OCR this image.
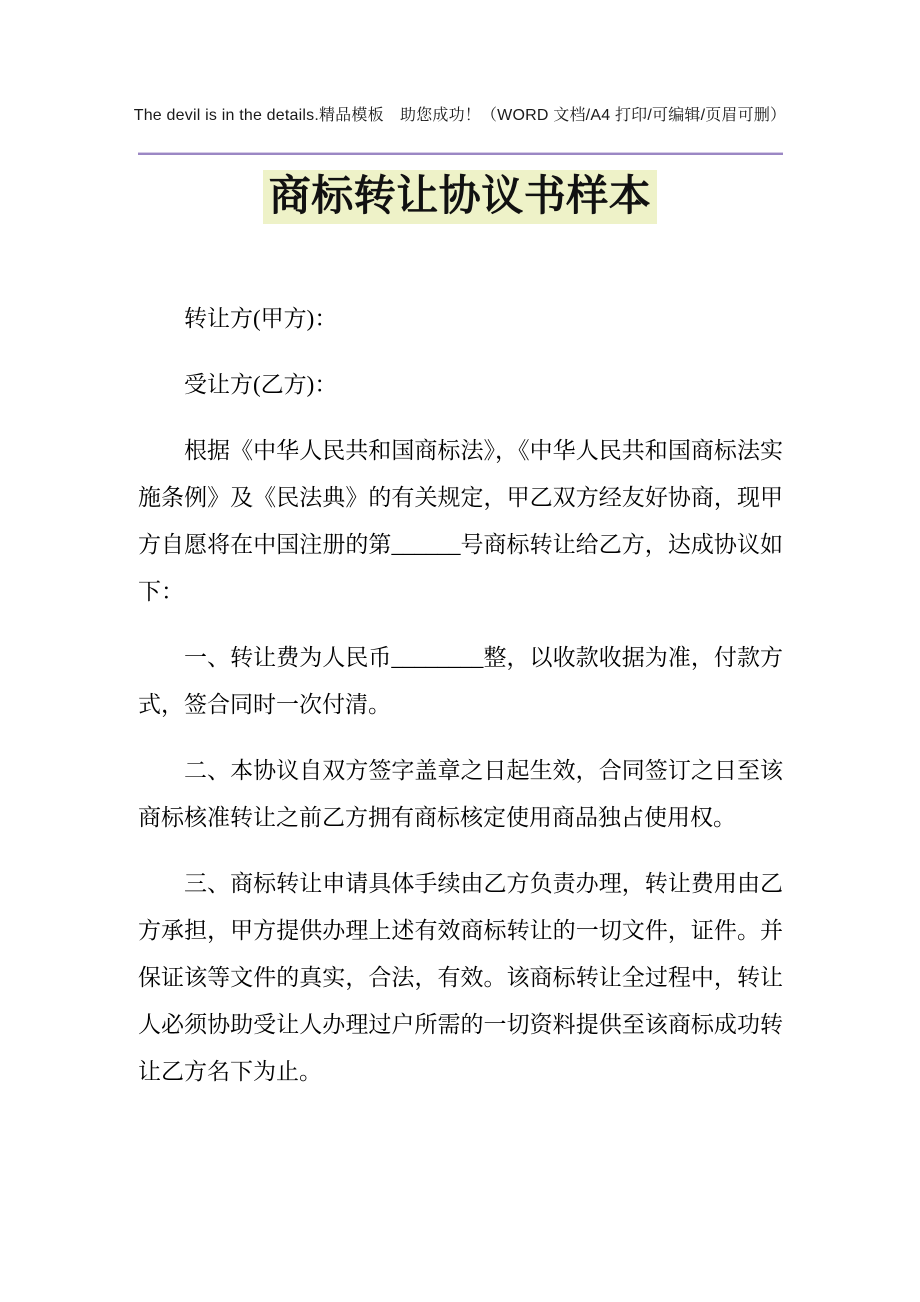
The devil is in the details.精品模板　助您成功！（WORD 文档/A4 打印/可编辑/页眉可删）
商标转让协议书样本

转让方(甲方)：

受让方(乙方)：

根据《中华人民共和国商标法》，《中华人民共和国商标法实施条例》及《民法典》的有关规定，甲乙双方经友好协商，现甲方自愿将在中国注册的第______号商标转让给乙方，达成协议如下：

一、转让费为人民币________整，以收款收据为准，付款方式，签合同时一次付清。

二、本协议自双方签字盖章之日起生效，合同签订之日至该商标核准转让之前乙方拥有商标核定使用商品独占使用权。

三、商标转让申请具体手续由乙方负责办理，转让费用由乙方承担，甲方提供办理上述有效商标转让的一切文件，证件。并保证该等文件的真实，合法，有效。该商标转让全过程中，转让人必须协助受让人办理过户所需的一切资料提供至该商标成功转让乙方名下为止。
